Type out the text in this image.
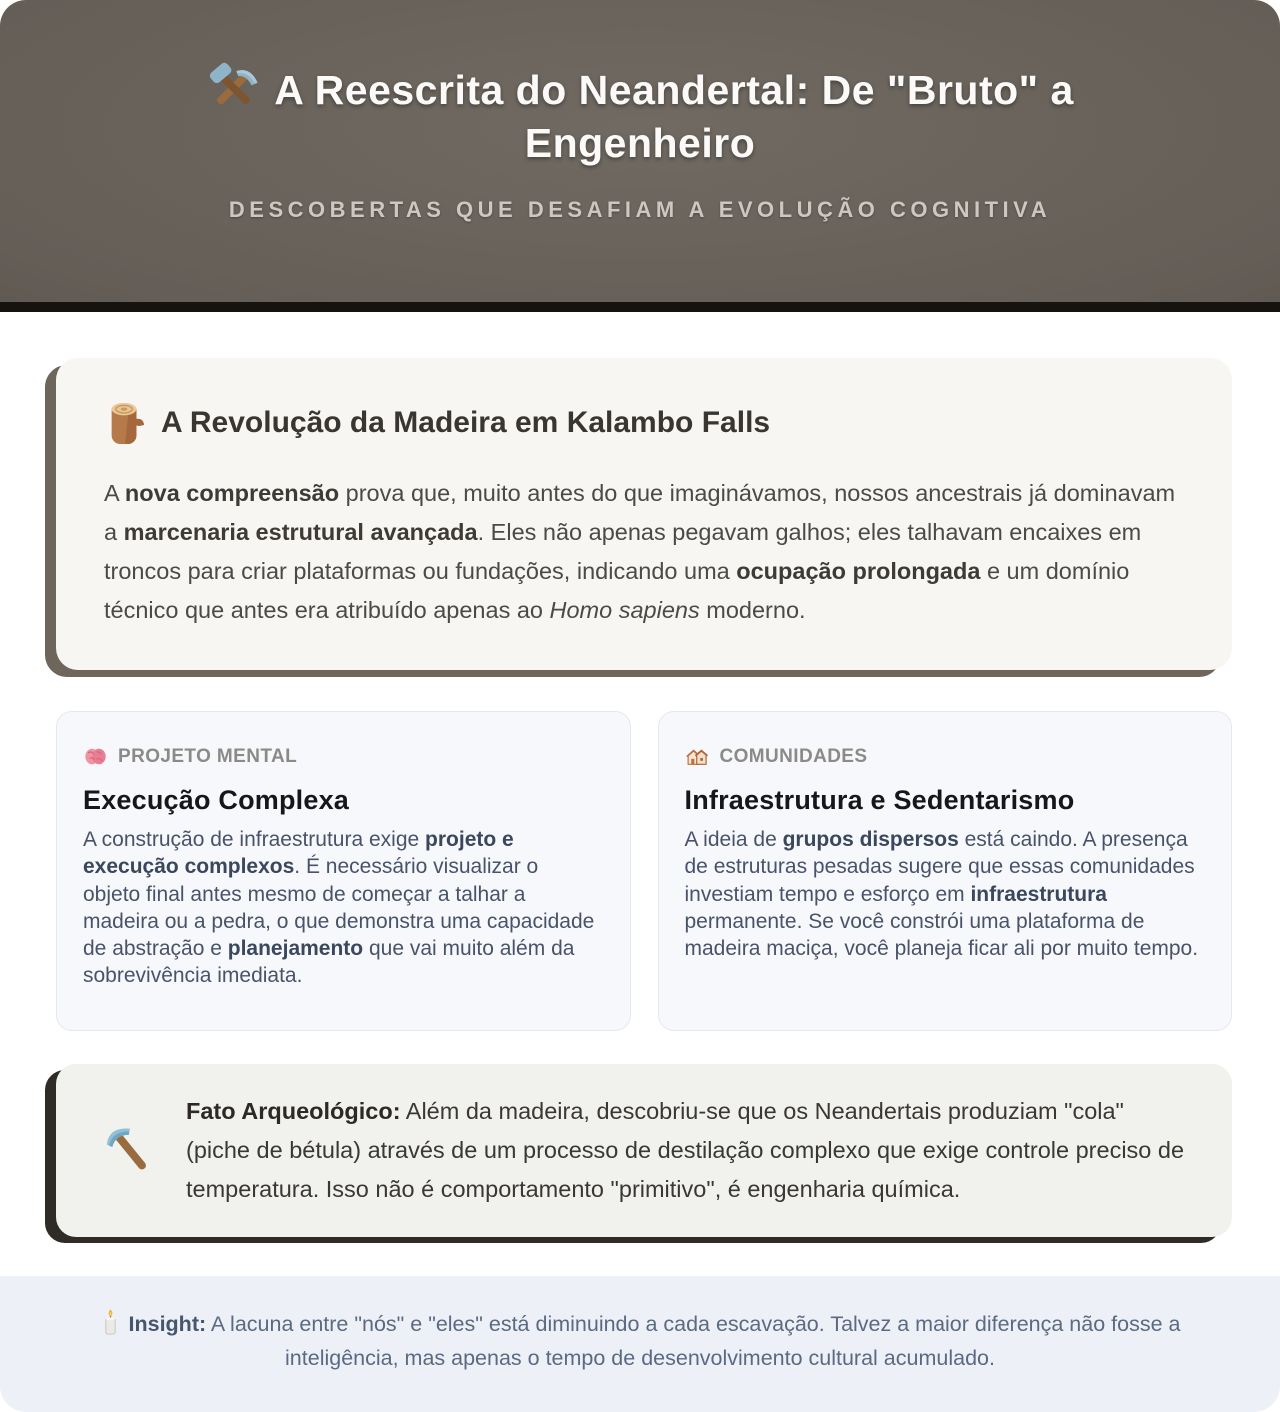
A Reescrita do Neandertal: De "Bruto" a Engenheiro

DESCOBERTAS QUE DESAFIAM A EVOLUÇÃO COGNITIVA

A Revolução da Madeira em Kalambo Falls

A nova compreensão prova que, muito antes do que imaginávamos, nossos ancestrais já dominavam a marcenaria estrutural avançada. Eles não apenas pegavam galhos; eles talhavam encaixes em troncos para criar plataformas ou fundações, indicando uma ocupação prolongada e um domínio técnico que antes era atribuído apenas ao Homo sapiens moderno.

PROJETO MENTAL
Execução Complexa

A construção de infraestrutura exige projeto e execução complexos. É necessário visualizar o objeto final antes mesmo de começar a talhar a madeira ou a pedra, o que demonstra uma capacidade de abstração e planejamento que vai muito além da sobrevivência imediata.

COMUNIDADES
Infraestrutura e Sedentarismo

A ideia de grupos dispersos está caindo. A presença de estruturas pesadas sugere que essas comunidades investiam tempo e esforço em infraestrutura permanente. Se você constrói uma plataforma de madeira maciça, você planeja ficar ali por muito tempo.

Fato Arqueológico: Além da madeira, descobriu-se que os Neandertais produziam "cola" (piche de bétula) através de um processo de destilação complexo que exige controle preciso de temperatura. Isso não é comportamento "primitivo", é engenharia química.

Insight: A lacuna entre "nós" e "eles" está diminuindo a cada escavação. Talvez a maior diferença não fosse a inteligência, mas apenas o tempo de desenvolvimento cultural acumulado.
